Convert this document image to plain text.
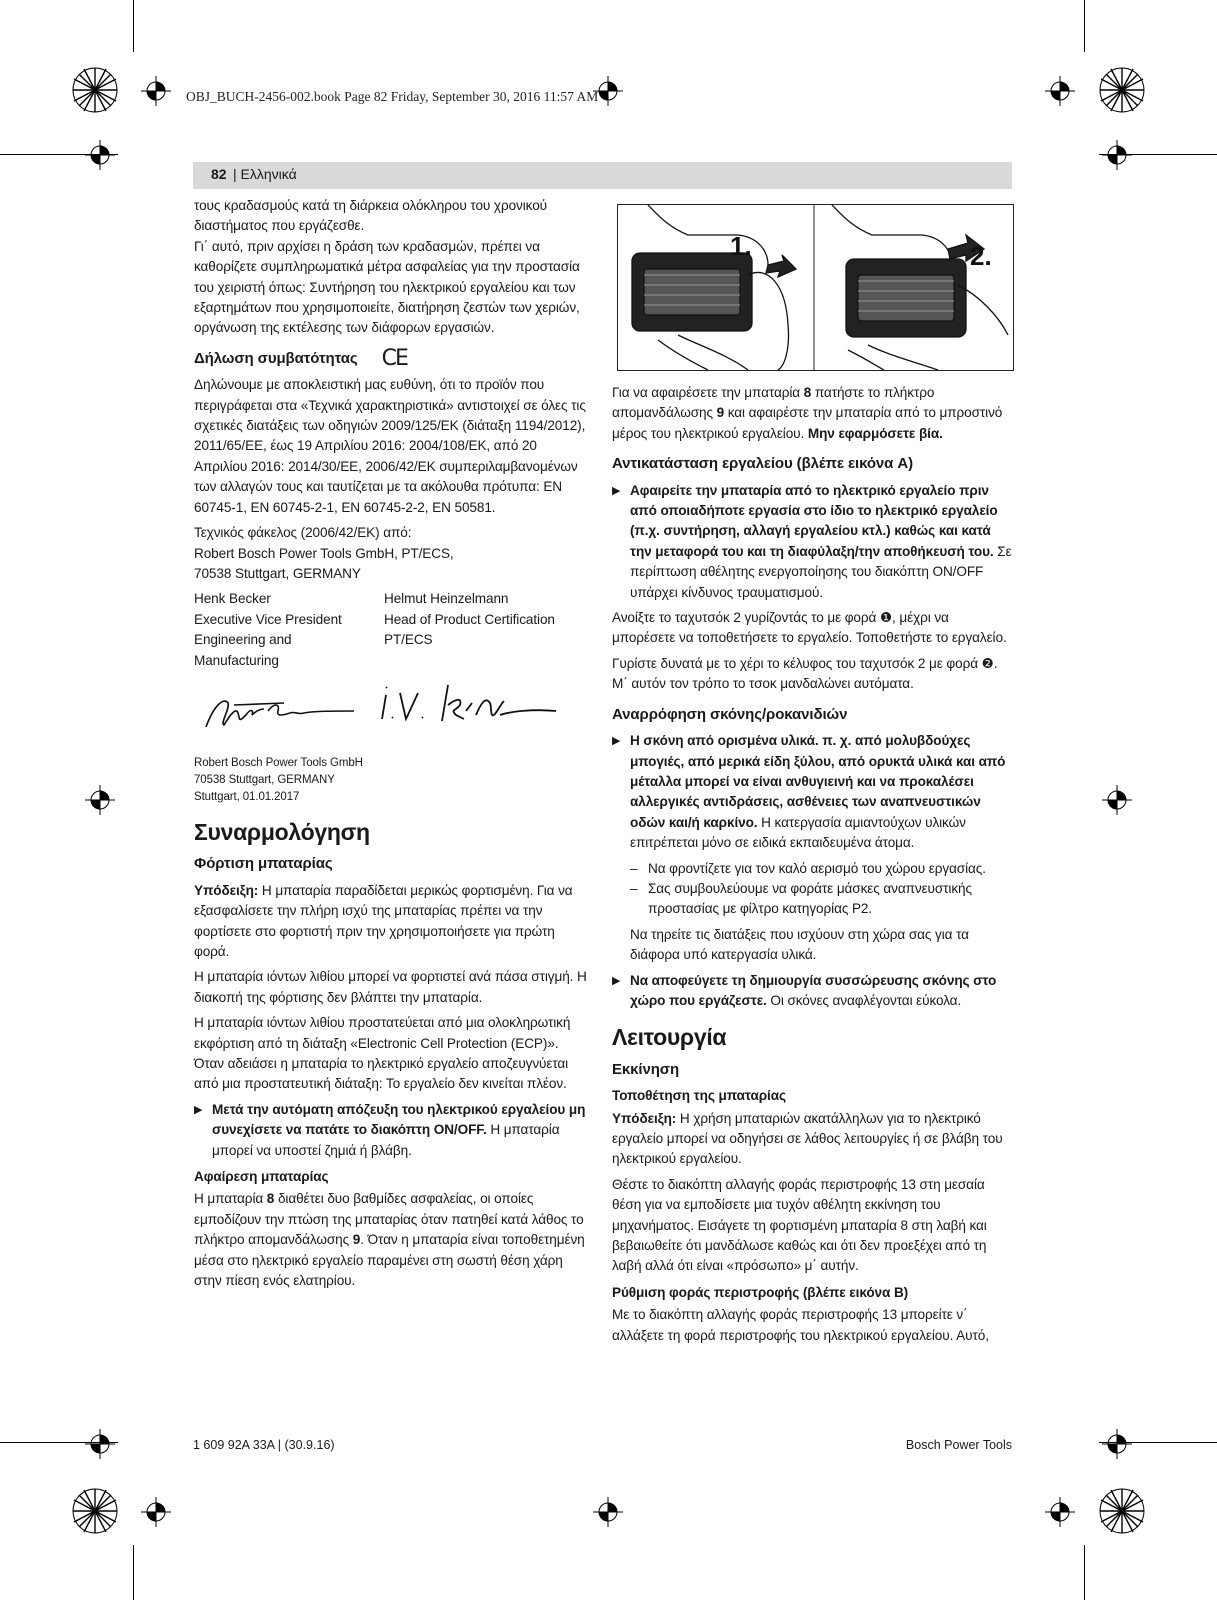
OBJ_BUCH-2456-002.book Page 82 Friday, September 30, 2016 11:57 AM
82 | Ελληνικά

τους κραδασμούς κατά τη διάρκεια ολόκληρου του χρονικού διαστήματος που εργάζεσθε.

Γι΄ αυτό, πριν αρχίσει η δράση των κραδασμών, πρέπει να καθορίζετε συμπληρωματικά μέτρα ασφαλείας για την προστασία του χειριστή όπως: Συντήρηση του ηλεκτρικού εργαλείου και των εξαρτημάτων που χρησιμοποιείτε, διατήρηση ζεστών των χεριών, οργάνωση της εκτέλεσης των διάφορων εργασιών.

Δήλωση συμβατότητας CE

Δηλώνουμε με αποκλειστική μας ευθύνη, ότι το προϊόν που περιγράφεται στα «Τεχνικά χαρακτηριστικά» αντιστοιχεί σε όλες τις σχετικές διατάξεις των οδηγιών 2009/125/ΕΚ (διάταξη 1194/2012), 2011/65/ΕΕ, έως 19 Απριλίου 2016: 2004/108/ΕΚ, από 20 Απριλίου 2016: 2014/30/ΕΕ, 2006/42/ΕΚ συμπεριλαμβανομένων των αλλαγών τους και ταυτίζεται με τα ακόλουθα πρότυπα: EN 60745-1, EN 60745-2-1, EN 60745-2-2, EN 50581.

Τεχνικός φάκελος (2006/42/ΕΚ) από:
Robert Bosch Power Tools GmbH, PT/ECS,
70538 Stuttgart, GERMANY

Henk Becker
Executive Vice President
Engineering and
Manufacturing
Helmut Heinzelmann
Head of Product Certification
PT/ECS
Robert Bosch Power Tools GmbH
70538 Stuttgart, GERMANY
Stuttgart, 01.01.2017
Συναρμολόγηση
Φόρτιση μπαταρίας

Υπόδειξη: Η μπαταρία παραδίδεται μερικώς φορτισμένη. Για να εξασφαλίσετε την πλήρη ισχύ της μπαταρίας πρέπει να την φορτίσετε στο φορτιστή πριν την χρησιμοποιήσετε για πρώτη φορά.

Η μπαταρία ιόντων λιθίου μπορεί να φορτιστεί ανά πάσα στιγμή. Η διακοπή της φόρτισης δεν βλάπτει την μπαταρία.

Η μπαταρία ιόντων λιθίου προστατεύεται από μια ολοκληρωτική εκφόρτιση από τη διάταξη «Electronic Cell Protection (ECP)». Όταν αδειάσει η μπαταρία το ηλεκτρικό εργαλείο αποζευγνύεται από μια προστατευτική διάταξη: Το εργαλείο δεν κινείται πλέον.

▶ Μετά την αυτόματη απόζευξη του ηλεκτρικού εργαλείου μη συνεχίσετε να πατάτε το διακόπτη ON/OFF. Η μπαταρία μπορεί να υποστεί ζημιά ή βλάβη.
Αφαίρεση μπαταρίας

Η μπαταρία 8 διαθέτει δυο βαθμίδες ασφαλείας, οι οποίες εμποδίζουν την πτώση της μπαταρίας όταν πατηθεί κατά λάθος το πλήκτρο απομανδάλωσης 9. Όταν η μπαταρία είναι τοποθετημένη μέσα στο ηλεκτρικό εργαλείο παραμένει στη σωστή θέση χάρη στην πίεση ενός ελατηρίου.

1.	2.

Για να αφαιρέσετε την μπαταρία 8 πατήστε το πλήκτρο απομανδάλωσης 9 και αφαιρέστε την μπαταρία από το μπροστινό μέρος του ηλεκτρικού εργαλείου. Μην εφαρμόσετε βία.

Αντικατάσταση εργαλείου (βλέπε εικόνα A)
▶ Αφαιρείτε την μπαταρία από το ηλεκτρικό εργαλείο πριν από οποιαδήποτε εργασία στο ίδιο το ηλεκτρικό εργαλείο (π.χ. συντήρηση, αλλαγή εργαλείου κτλ.) καθώς και κατά την μεταφορά του και τη διαφύλαξη/την αποθήκευσή του. Σε περίπτωση αθέλητης ενεργοποίησης του διακόπτη ON/OFF υπάρχει κίνδυνος τραυματισμού.

Ανοίξτε το ταχυτσόκ 2 γυρίζοντάς το με φορά ❶, μέχρι να μπορέσετε να τοποθετήσετε το εργαλείο. Τοποθετήστε το εργαλείο.

Γυρίστε δυνατά με το χέρι το κέλυφος του ταχυτσόκ 2 με φορά ❷. Μ΄ αυτόν τον τρόπο το τσοκ μανδαλώνει αυτόματα.

Αναρρόφηση σκόνης/ροκανιδιών
▶ Η σκόνη από ορισμένα υλικά. π. χ. από μολυβδούχες μπογιές, από μερικά είδη ξύλου, από ορυκτά υλικά και από μέταλλα μπορεί να είναι ανθυγιεινή και να προκαλέσει αλλεργικές αντιδράσεις, ασθένειες των αναπνευστικών οδών και/ή καρκίνο. Η κατεργασία αμιαντούχων υλικών επιτρέπεται μόνο σε ειδικά εκπαιδευμένα άτομα.
– Να φροντίζετε για τον καλό αερισμό του χώρου εργασίας.
– Σας συμβουλεύουμε να φοράτε μάσκες αναπνευστικής προστασίας με φίλτρο κατηγορίας P2.

Να τηρείτε τις διατάξεις που ισχύουν στη χώρα σας για τα διάφορα υπό κατεργασία υλικά.

▶ Να αποφεύγετε τη δημιουργία συσσώρευσης σκόνης στο χώρο που εργάζεστε. Οι σκόνες αναφλέγονται εύκολα.
Λειτουργία
Εκκίνηση
Τοποθέτηση της μπαταρίας

Υπόδειξη: Η χρήση μπαταριών ακατάλληλων για το ηλεκτρικό εργαλείο μπορεί να οδηγήσει σε λάθος λειτουργίες ή σε βλάβη του ηλεκτρικού εργαλείου.

Θέστε το διακόπτη αλλαγής φοράς περιστροφής 13 στη μεσαία θέση για να εμποδίσετε μια τυχόν αθέλητη εκκίνηση του μηχανήματος. Εισάγετε τη φορτισμένη μπαταρία 8 στη λαβή και βεβαιωθείτε ότι μανδάλωσε καθώς και ότι δεν προεξέχει από τη λαβή αλλά ότι είναι «πρόσωπο» μ΄ αυτήν.

Ρύθμιση φοράς περιστροφής (βλέπε εικόνα B)

Με το διακόπτη αλλαγής φοράς περιστροφής 13 μπορείτε ν΄ αλλάξετε τη φορά περιστροφής του ηλεκτρικού εργαλείου. Αυτό,

1 609 92A 33A | (30.9.16)	Bosch Power Tools
